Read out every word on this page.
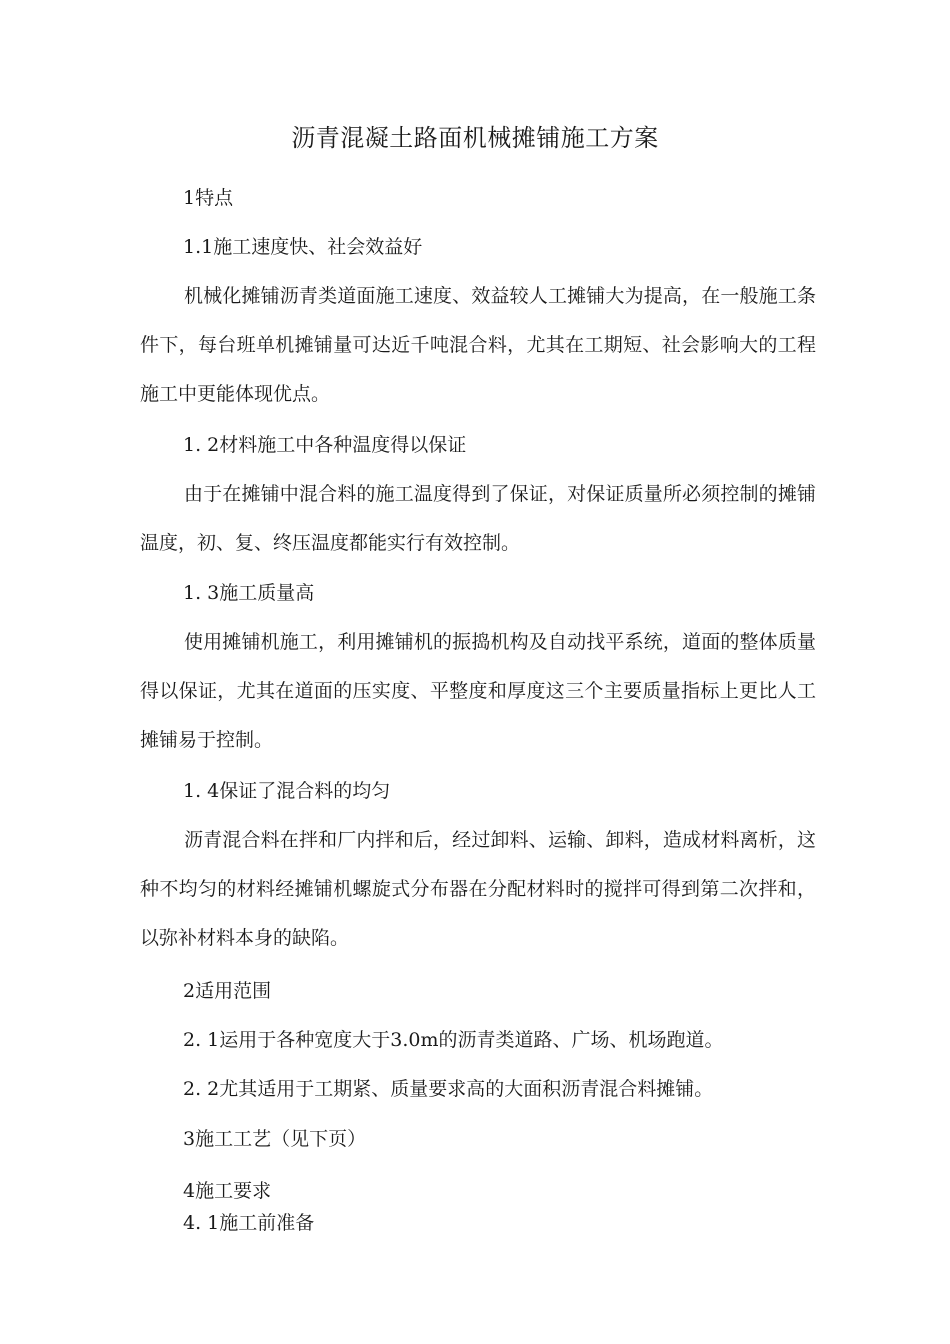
沥青混凝土路面机械摊铺施工方案

1特点

1.1施工速度快、社会效益好

机械化摊铺沥青类道面施工速度、效益较人工摊铺大为提高，在一般施工条件下，每台班单机摊铺量可达近千吨混合料，尤其在工期短、社会影响大的工程施工中更能体现优点。

1. 2材料施工中各种温度得以保证

由于在摊铺中混合料的施工温度得到了保证，对保证质量所必须控制的摊铺温度，初、复、终压温度都能实行有效控制。

1. 3施工质量高

使用摊铺机施工，利用摊铺机的振捣机构及自动找平系统，道面的整体质量得以保证，尤其在道面的压实度、平整度和厚度这三个主要质量指标上更比人工摊铺易于控制。

1. 4保证了混合料的均匀

沥青混合料在拌和厂内拌和后，经过卸料、运输、卸料，造成材料离析，这种不均匀的材料经摊铺机螺旋式分布器在分配材料时的搅拌可得到第二次拌和，以弥补材料本身的缺陷。

2适用范围

2. 1运用于各种宽度大于3.0m的沥青类道路、广场、机场跑道。

2. 2尤其适用于工期紧、质量要求高的大面积沥青混合料摊铺。

3施工工艺（见下页）

4施工要求

4. 1施工前准备
